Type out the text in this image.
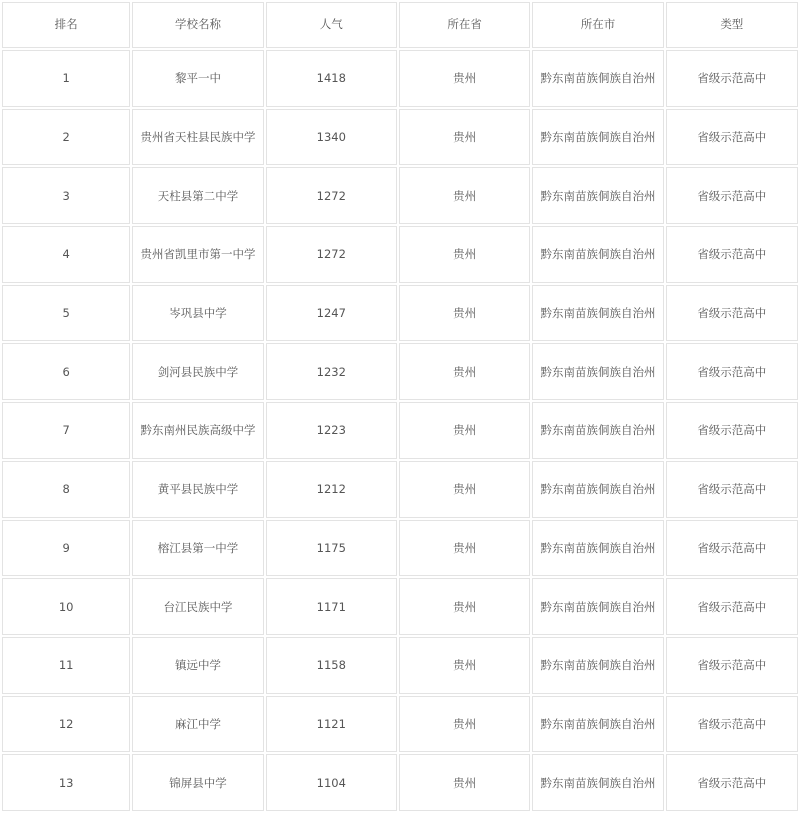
排名	学校名称	人气	所在省	所在市	类型
1	黎平一中	1418	贵州	黔东南苗族侗族自治州	省级示范高中
2	贵州省天柱县民族中学	1340	贵州	黔东南苗族侗族自治州	省级示范高中
3	天柱县第二中学	1272	贵州	黔东南苗族侗族自治州	省级示范高中
4	贵州省凯里市第一中学	1272	贵州	黔东南苗族侗族自治州	省级示范高中
5	岑巩县中学	1247	贵州	黔东南苗族侗族自治州	省级示范高中
6	剑河县民族中学	1232	贵州	黔东南苗族侗族自治州	省级示范高中
7	黔东南州民族高级中学	1223	贵州	黔东南苗族侗族自治州	省级示范高中
8	黄平县民族中学	1212	贵州	黔东南苗族侗族自治州	省级示范高中
9	榕江县第一中学	1175	贵州	黔东南苗族侗族自治州	省级示范高中
10	台江民族中学	1171	贵州	黔东南苗族侗族自治州	省级示范高中
11	镇远中学	1158	贵州	黔东南苗族侗族自治州	省级示范高中
12	麻江中学	1121	贵州	黔东南苗族侗族自治州	省级示范高中
13	锦屏县中学	1104	贵州	黔东南苗族侗族自治州	省级示范高中
